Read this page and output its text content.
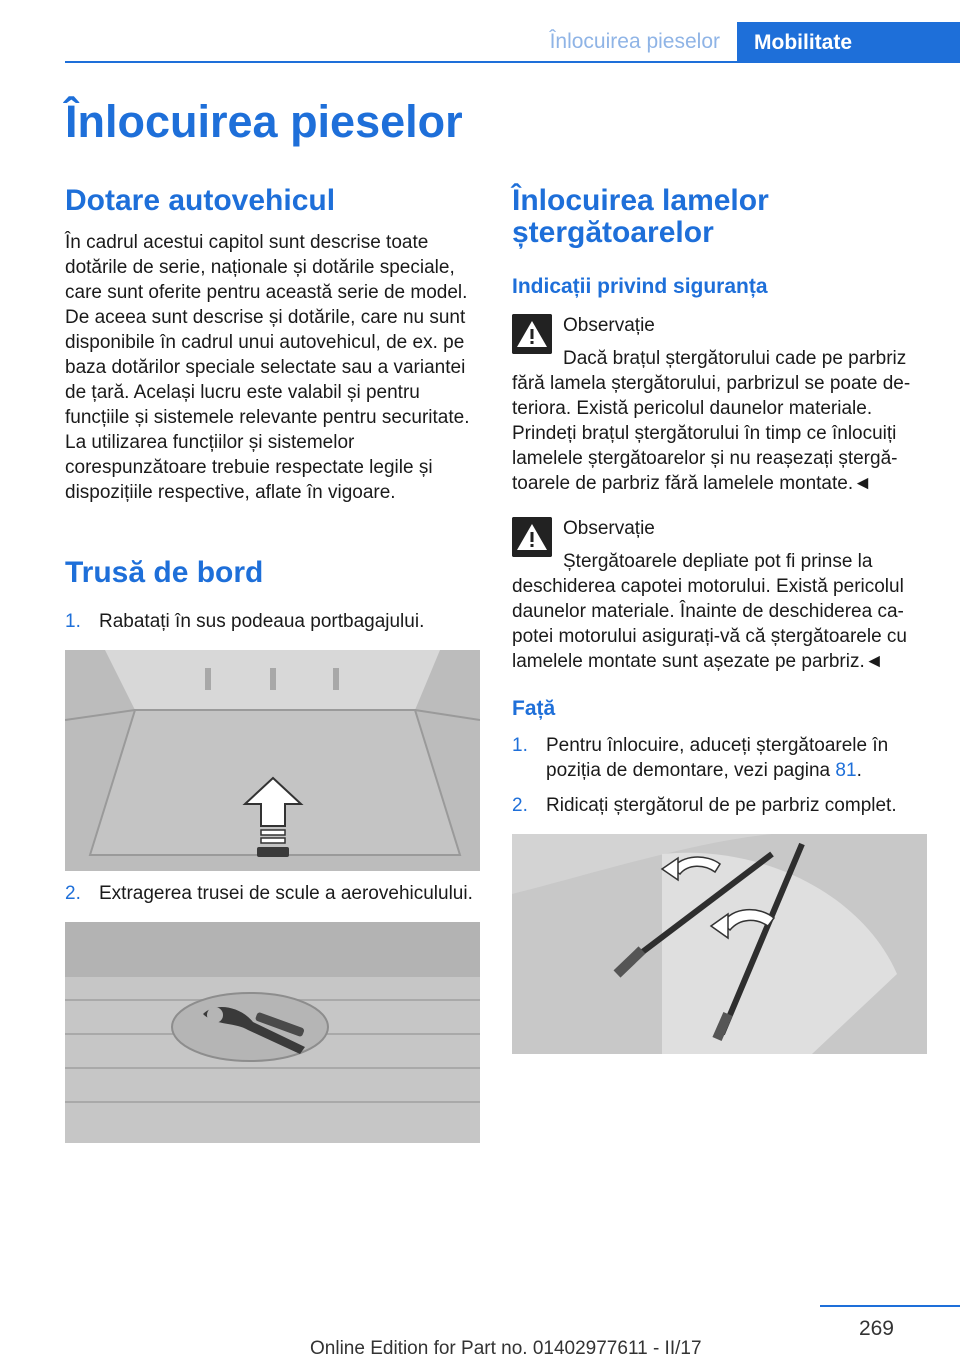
Înlocuirea pieselor	Mobilitate
Înlocuirea pieselor
Dotare autovehicul

În cadrul acestui capitol sunt descrise toate dotările de serie, naționale și dotările speciale, care sunt oferite pentru această serie de model. De aceea sunt descrise și dotările, care nu sunt disponibile în cadrul unui autovehicul, de ex. pe baza dotărilor speciale selectate sau a variantei de țară. Același lucru este valabil și pentru funcțiile și sistemele relevante pentru securitate. La utilizarea funcțiilor și sistemelor corespunzătoare trebuie respectate legile și dispozițiile respective, aflate în vigoare.

Trusă de bord
1. Rabatați în sus podeaua portbagajului.
2. Extragerea trusei de scule a aerovehiculului.
Înlocuirea lamelor ștergătoarelor
Indicații privind siguranța

Observație

Dacă brațul ștergătorului cade pe parbriz

fără lamela ștergătorului, parbrizul se poate deteriora. Există pericolul daunelor materiale. Prindeți brațul ștergătorului în timp ce înlocuiți lamelele ștergătoarelor și nu reașezați ștergătoarele de parbriz fără lamelele montate.◄

Observație

Ștergătoarele depliate pot fi prinse la

deschiderea capotei motorului. Există pericolul daunelor materiale. Înainte de deschiderea capotei motorului asigurați-vă că ștergătoarele cu lamelele montate sunt așezate pe parbriz.◄

Față
1. Pentru înlocuire, aduceți ștergătoarele în poziția de demontare, vezi pagina 81.
2. Ridicați ștergătorul de pe parbriz complet.
269
Online Edition for Part no. 01402977611 - II/17
